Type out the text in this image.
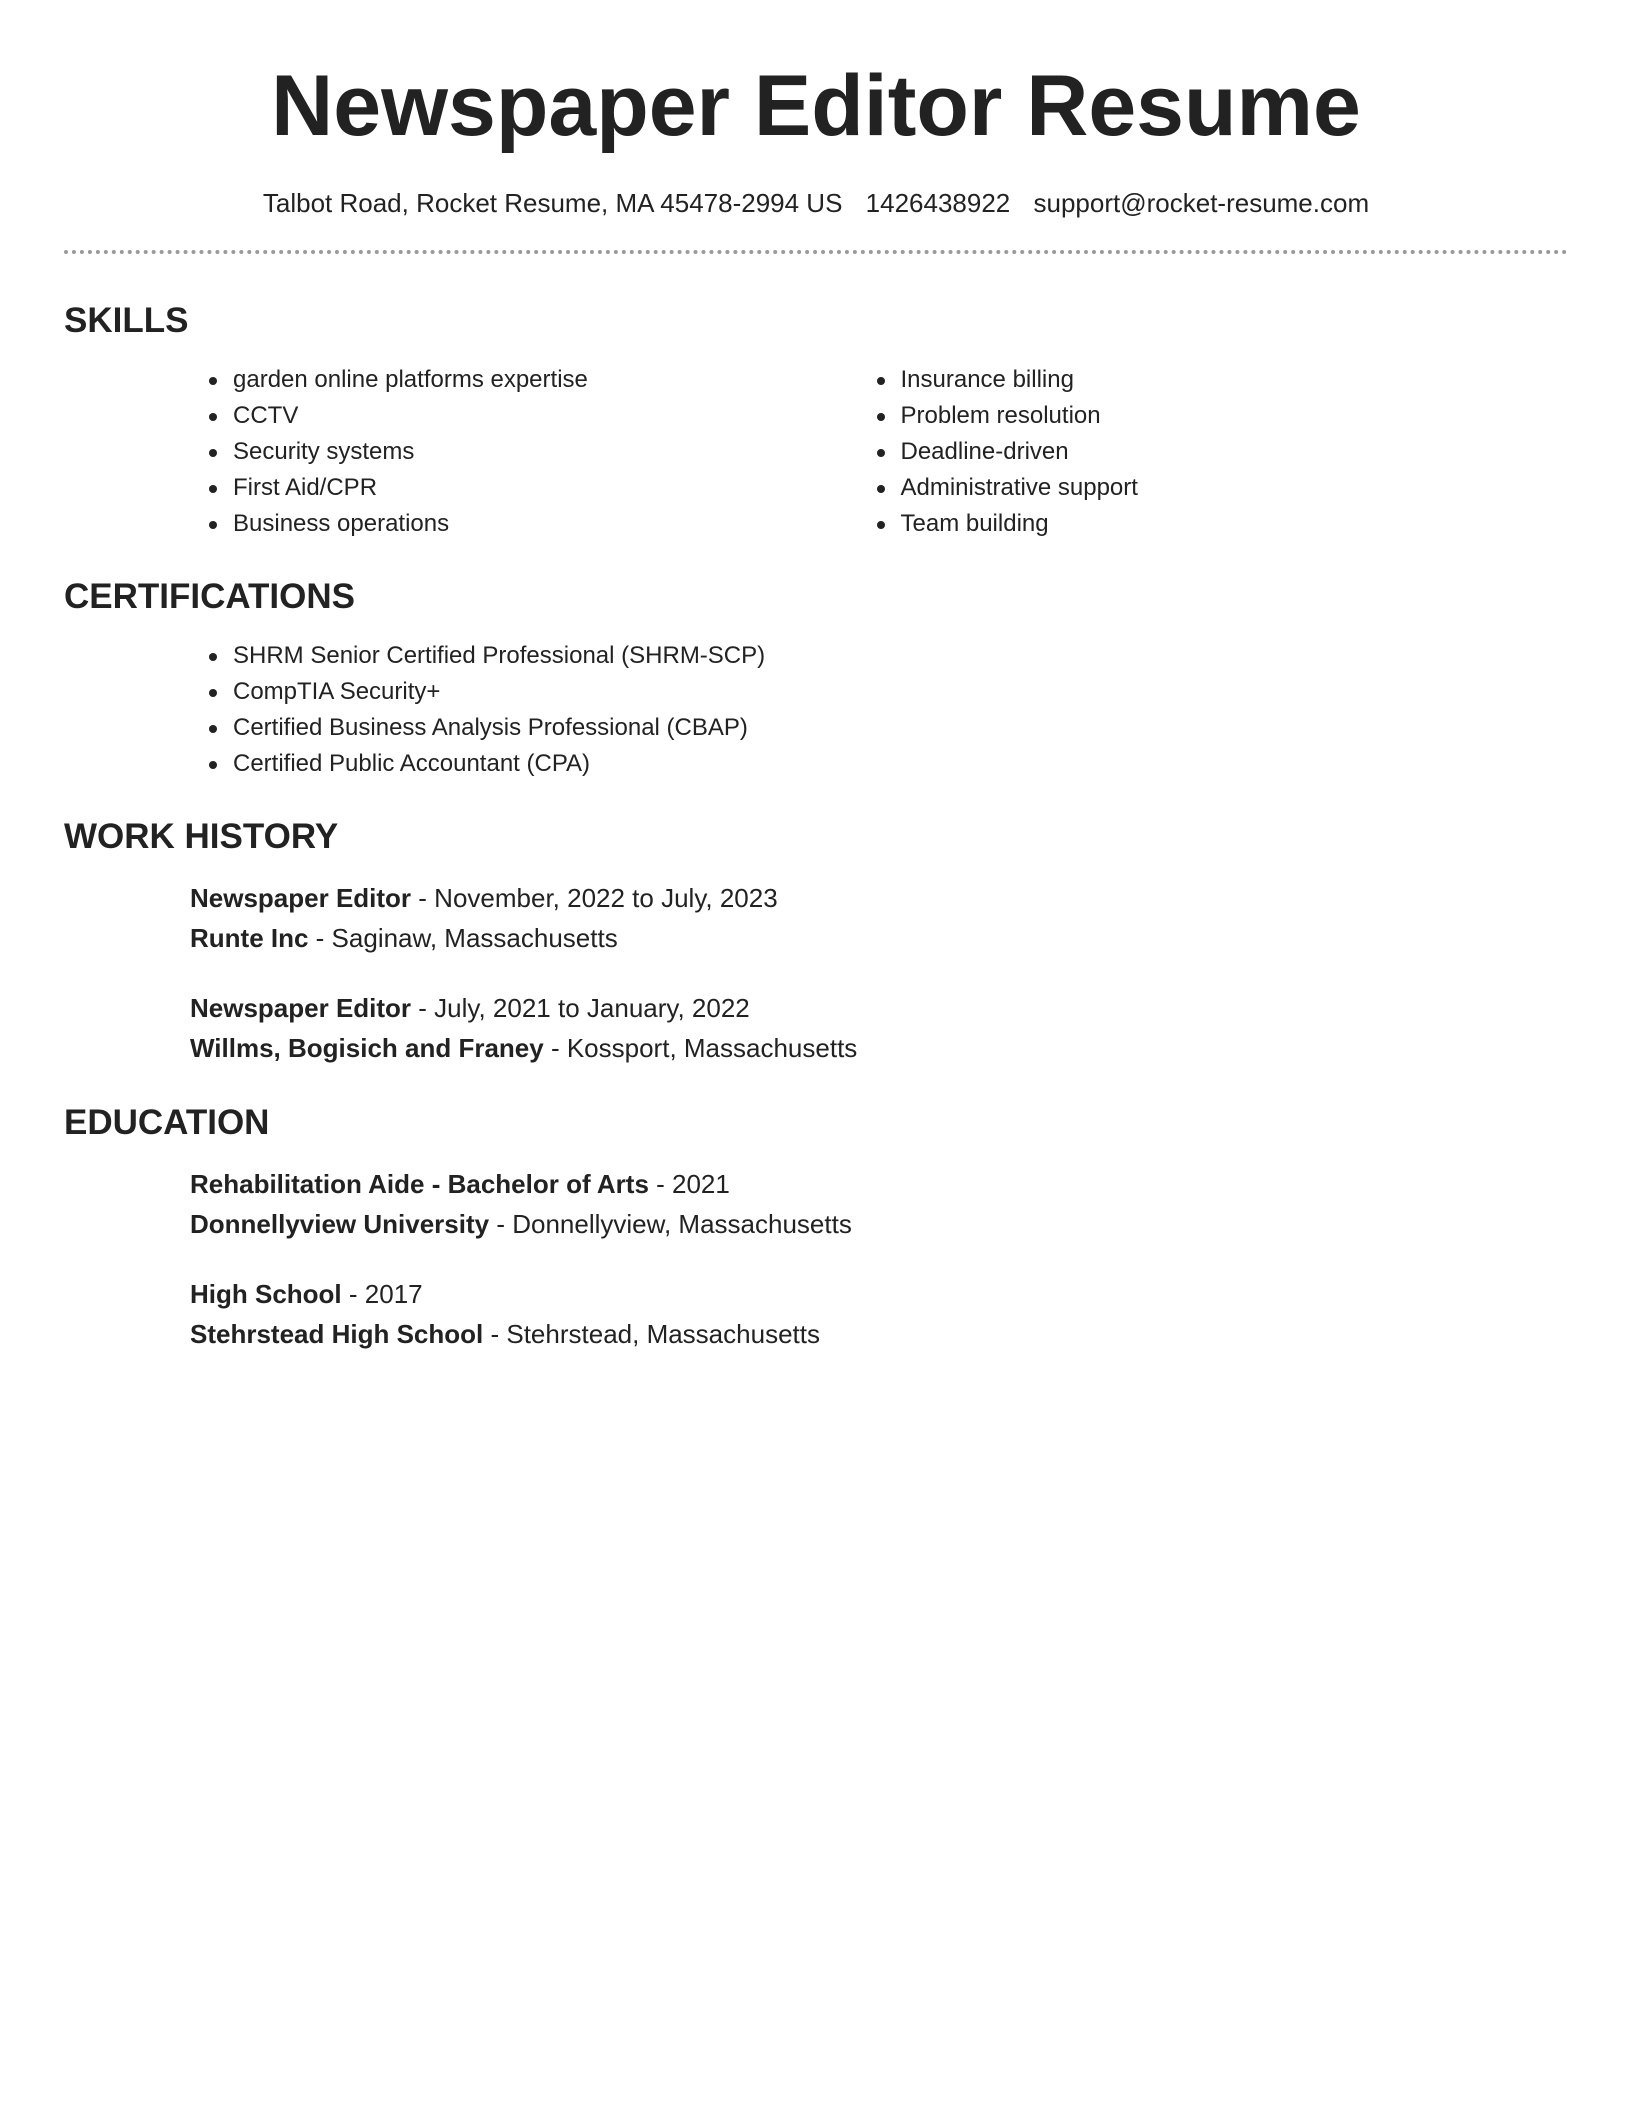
Newspaper Editor Resume
Talbot Road, Rocket Resume, MA 45478-2994 US 1426438922 support@rocket-resume.com
SKILLS
garden online platforms expertise
CCTV
Security systems
First Aid/CPR
Business operations
Insurance billing
Problem resolution
Deadline-driven
Administrative support
Team building
CERTIFICATIONS
SHRM Senior Certified Professional (SHRM-SCP)
CompTIA Security+
Certified Business Analysis Professional (CBAP)
Certified Public Accountant (CPA)
WORK HISTORY
Newspaper Editor - November, 2022 to July, 2023
Runte Inc - Saginaw, Massachusetts
Newspaper Editor - July, 2021 to January, 2022
Willms, Bogisich and Franey - Kossport, Massachusetts
EDUCATION
Rehabilitation Aide - Bachelor of Arts - 2021
Donnellyview University - Donnellyview, Massachusetts
High School - 2017
Stehrstead High School - Stehrstead, Massachusetts
